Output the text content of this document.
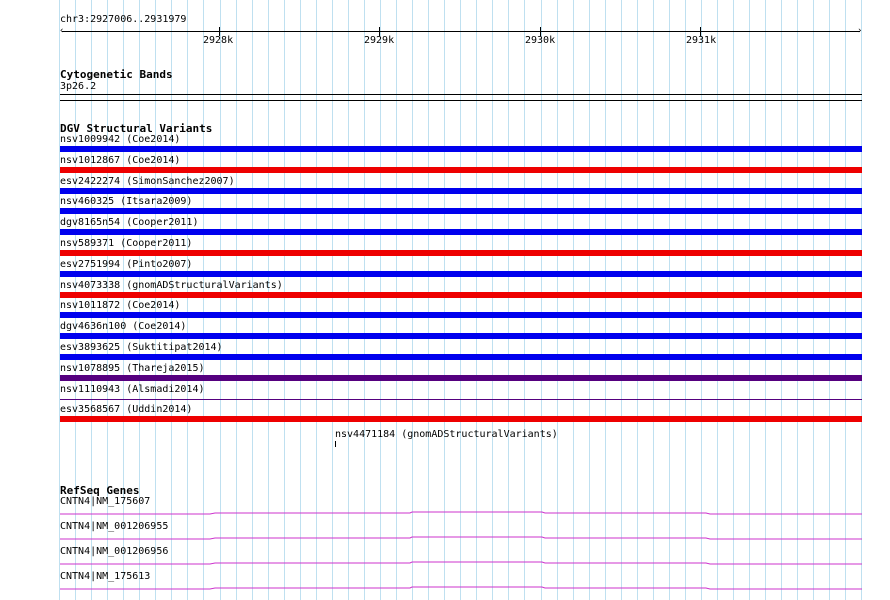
chr3:2927006..2931979
‹	›
2928k	2929k	2930k	2931k
Cytogenetic Bands
3p26.2
DGV Structural Variants
nsv1009942 (Coe2014)
nsv1012867 (Coe2014)
esv2422274 (SimonSanchez2007)
nsv460325 (Itsara2009)
dgv8165n54 (Cooper2011)
nsv589371 (Cooper2011)
esv2751994 (Pinto2007)
nsv4073338 (gnomADStructuralVariants)
nsv1011872 (Coe2014)
dgv4636n100 (Coe2014)
esv3893625 (Suktitipat2014)
nsv1078895 (Thareja2015)
nsv1110943 (Alsmadi2014)
esv3568567 (Uddin2014)
nsv4471184 (gnomADStructuralVariants)
RefSeq Genes
CNTN4|NM_175607
CNTN4|NM_001206955
CNTN4|NM_001206956
CNTN4|NM_175613
